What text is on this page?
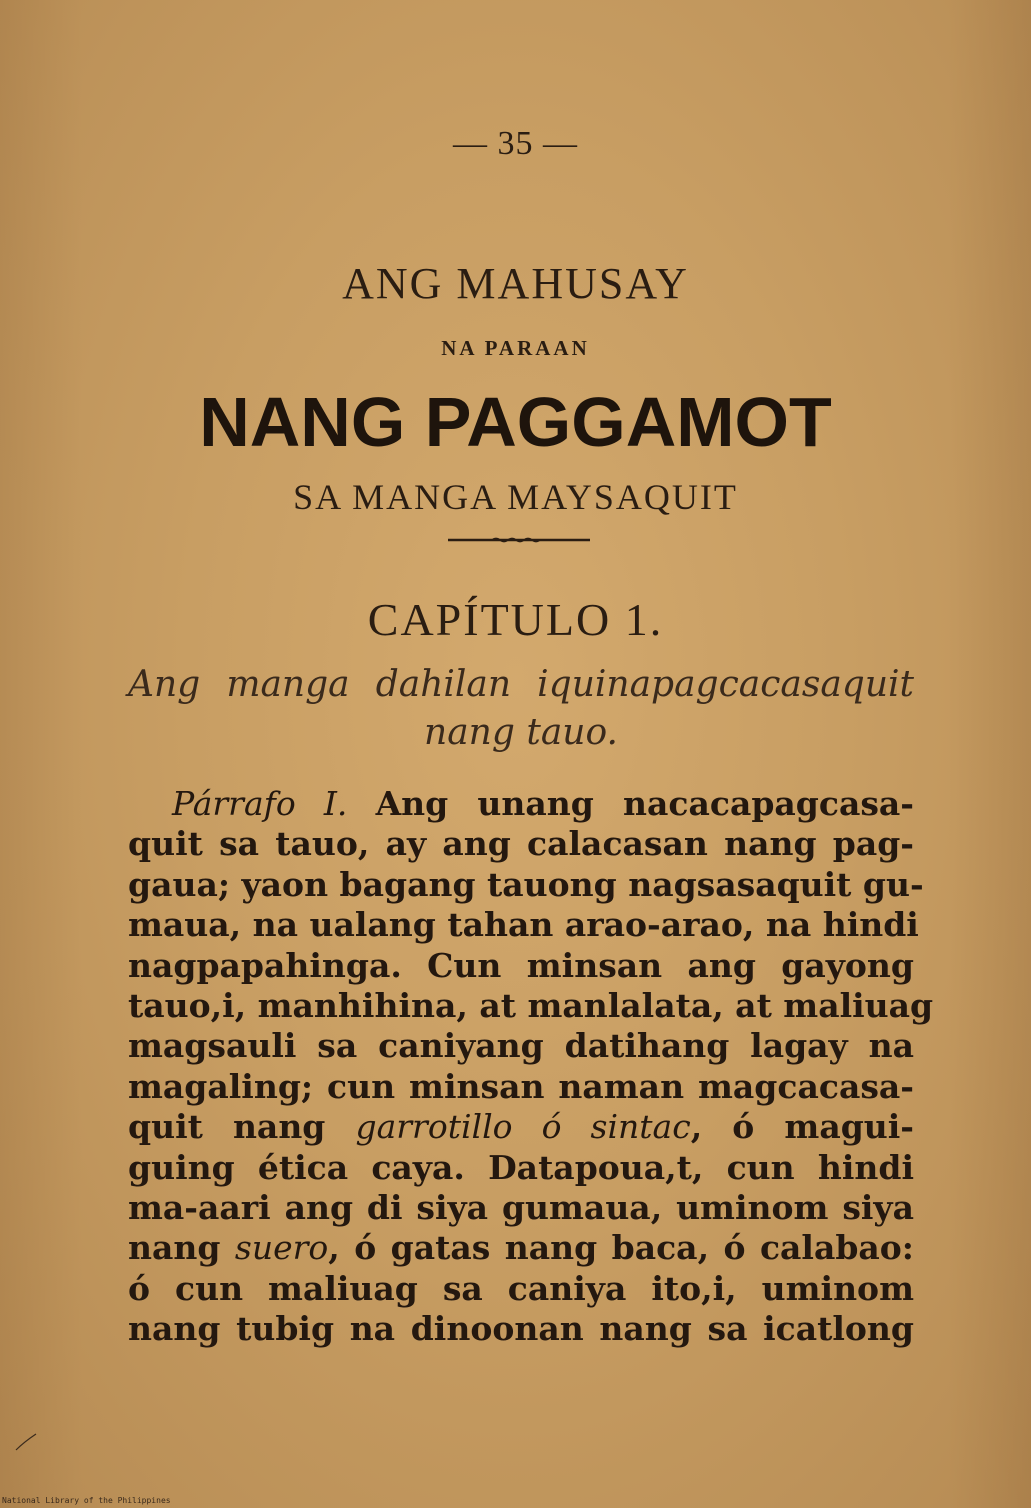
— 35 —
ANG MAHUSAY
NA PARAAN
NANG PAGGAMOT
SA MANGA MAYSAQUIT
CAPÍTULO 1.
Ang manga dahilan iquinapagcacasaquit
nang tauo.
Párrafo I. Ang unang nacacapagcasa-
quit sa tauo, ay ang calacasan nang pag-
gaua; yaon bagang tauong nagsasaquit gu-
maua, na ualang tahan arao-arao, na hindi
nagpapahinga. Cun minsan ang gayong
tauo,i, manhihina, at manlalata, at maliuag
magsauli sa caniyang datihang lagay na
magaling; cun minsan naman magcacasa-
quit nang garrotillo ó sintac, ó magui-
guing ética caya. Datapoua,t, cun hindi
ma-aari ang di siya gumaua, uminom siya
nang suero, ó gatas nang baca, ó calabao:
ó cun maliuag sa caniya ito,i, uminom
nang tubig na dinoonan nang sa icatlong
National Library of the Philippines
